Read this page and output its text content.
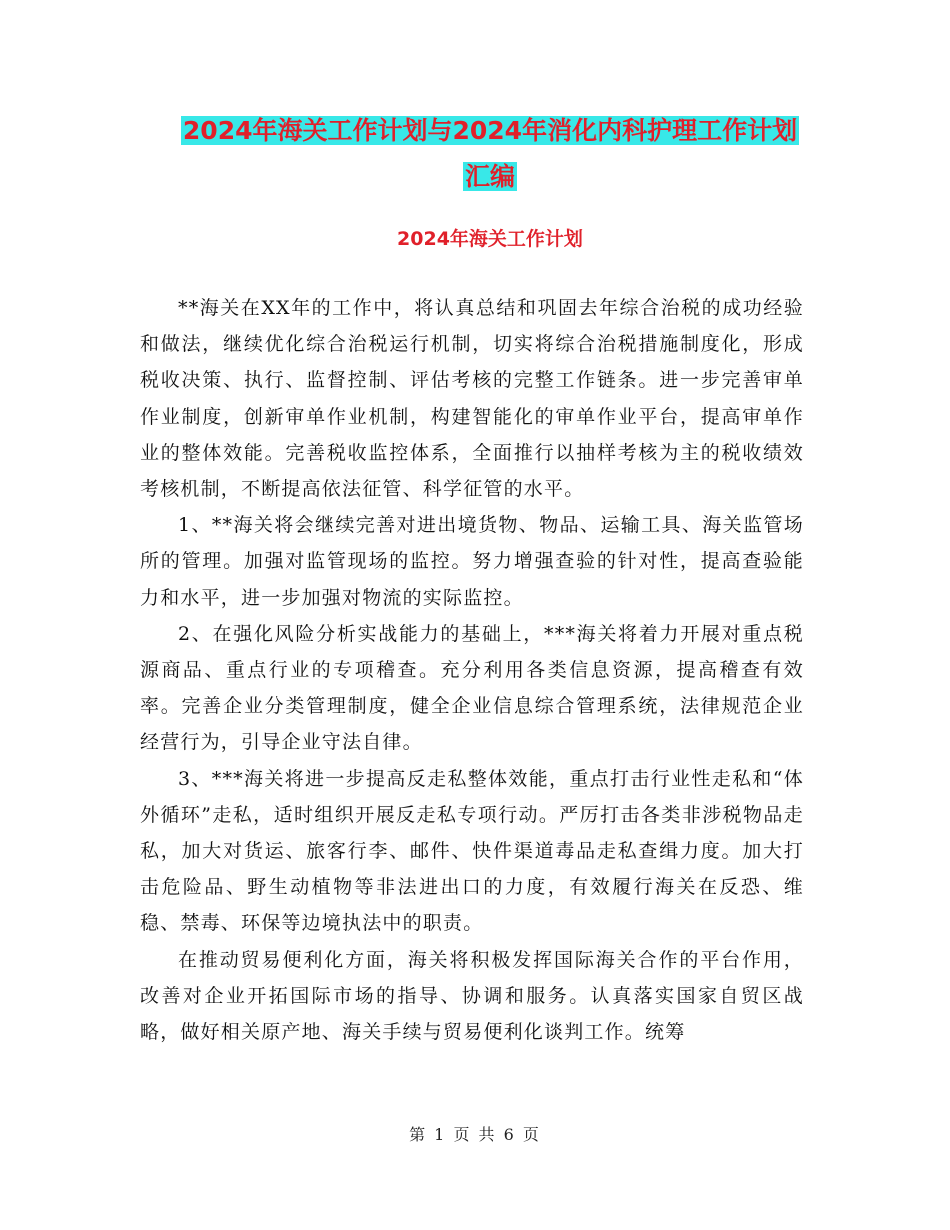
2024年海关工作计划与2024年消化内科护理工作计划
汇编
2024年海关工作计划

**海关在XX年的工作中，将认真总结和巩固去年综合治税的成功经验和做法，继续优化综合治税运行机制，切实将综合治税措施制度化，形成税收决策、执行、监督控制、评估考核的完整工作链条。进一步完善审单作业制度，创新审单作业机制，构建智能化的审单作业平台，提高审单作业的整体效能。完善税收监控体系，全面推行以抽样考核为主的税收绩效考核机制，不断提高依法征管、科学征管的水平。

1、**海关将会继续完善对进出境货物、物品、运输工具、海关监管场所的管理。加强对监管现场的监控。努力增强查验的针对性，提高查验能力和水平，进一步加强对物流的实际监控。

2、在强化风险分析实战能力的基础上，***海关将着力开展对重点税源商品、重点行业的专项稽查。充分利用各类信息资源，提高稽查有效率。完善企业分类管理制度，健全企业信息综合管理系统，法律规范企业经营行为，引导企业守法自律。

3、***海关将进一步提高反走私整体效能，重点打击行业性走私和“体外循环”走私，适时组织开展反走私专项行动。严厉打击各类非涉税物品走私，加大对货运、旅客行李、邮件、快件渠道毒品走私查缉力度。加大打击危险品、野生动植物等非法进出口的力度，有效履行海关在反恐、维稳、禁毒、环保等边境执法中的职责。

在推动贸易便利化方面，海关将积极发挥国际海关合作的平台作用，改善对企业开拓国际市场的指导、协调和服务。认真落实国家自贸区战略，做好相关原产地、海关手续与贸易便利化谈判工作。统筹

第 1 页 共 6 页
